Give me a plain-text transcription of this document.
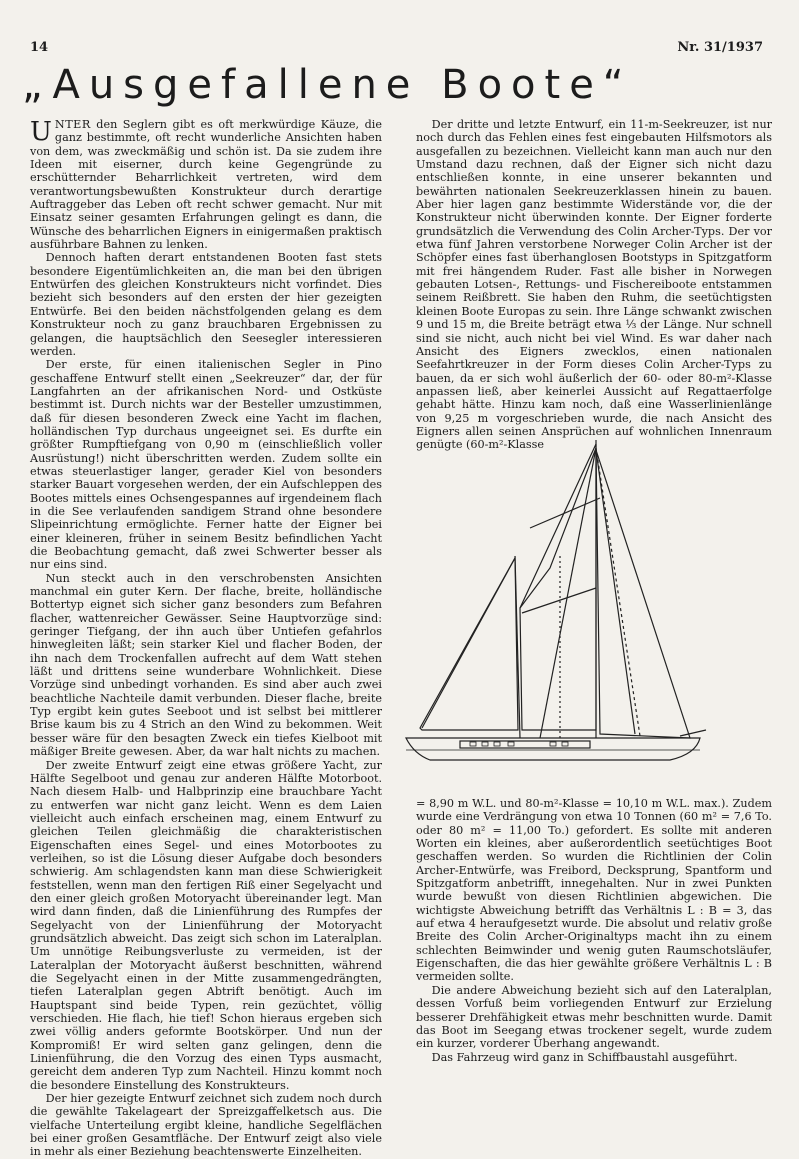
14	Nr. 31/1937
„Ausgefallene Boote“

UNTER den Seglern gibt es oft merkwürdige Käuze, die ganz bestimmte, oft recht wunderliche Ansichten haben von dem, was zweckmäßig und schön ist. Da sie zudem ihre Ideen mit eiserner, durch keine Gegengründe zu erschütternder Beharrlichkeit vertreten, wird dem verantwortungsbewußten Konstrukteur durch derartige Auftraggeber das Leben oft recht schwer gemacht. Nur mit Einsatz seiner gesamten Erfahrungen gelingt es dann, die Wünsche des beharrlichen Eigners in einigermaßen praktisch ausführbare Bahnen zu lenken.

Dennoch haften derart entstandenen Booten fast stets besondere Eigentümlichkeiten an, die man bei den übrigen Entwürfen des gleichen Konstrukteurs nicht vorfindet. Dies bezieht sich besonders auf den ersten der hier gezeigten Entwürfe. Bei den beiden nächstfolgenden gelang es dem Konstrukteur noch zu ganz brauchbaren Ergebnissen zu gelangen, die hauptsächlich den Seesegler interessieren werden.

Der erste, für einen italienischen Segler in Pino geschaffene Entwurf stellt einen „Seekreuzer“ dar, der für Langfahrten an der afrikanischen Nord- und Ostküste bestimmt ist. Durch nichts war der Besteller umzustimmen, daß für diesen besonderen Zweck eine Yacht im flachen, holländischen Typ durchaus ungeeignet sei. Es durfte ein größter Rumpftiefgang von 0,90 m (einschließlich voller Ausrüstung!) nicht überschritten werden. Zudem sollte ein etwas steuerlastiger langer, gerader Kiel von besonders starker Bauart vorgesehen werden, der ein Aufschleppen des Bootes mittels eines Ochsengespannes auf irgendeinem flach in die See verlaufenden sandigem Strand ohne besondere Slipeinrichtung ermöglichte. Ferner hatte der Eigner bei einer kleineren, früher in seinem Besitz befindlichen Yacht die Beobachtung gemacht, daß zwei Schwerter besser als nur eins sind.

Nun steckt auch in den verschrobensten Ansichten manchmal ein guter Kern. Der flache, breite, holländische Bottertyp eignet sich sicher ganz besonders zum Befahren flacher, wattenreicher Gewässer. Seine Hauptvorzüge sind: geringer Tiefgang, der ihn auch über Untiefen gefahrlos hinwegleiten läßt; sein starker Kiel und flacher Boden, der ihn nach dem Trockenfallen aufrecht auf dem Watt stehen läßt und drittens seine wunderbare Wohnlichkeit. Diese Vorzüge sind unbedingt vorhanden. Es sind aber auch zwei beachtliche Nachteile damit verbunden. Dieser flache, breite Typ ergibt kein gutes Seeboot und ist selbst bei mittlerer Brise kaum bis zu 4 Strich an den Wind zu bekommen. Weit besser wäre für den besagten Zweck ein tiefes Kielboot mit mäßiger Breite gewesen. Aber, da war halt nichts zu machen.

Der zweite Entwurf zeigt eine etwas größere Yacht, zur Hälfte Segelboot und genau zur anderen Hälfte Motorboot. Nach diesem Halb- und Halbprinzip eine brauchbare Yacht zu entwerfen war nicht ganz leicht. Wenn es dem Laien vielleicht auch einfach erscheinen mag, einem Entwurf zu gleichen Teilen gleichmäßig die charakteristischen Eigenschaften eines Segel- und eines Motorbootes zu verleihen, so ist die Lösung dieser Aufgabe doch besonders schwierig. Am schlagendsten kann man diese Schwierigkeit feststellen, wenn man den fertigen Riß einer Segelyacht und den einer gleich großen Motoryacht übereinander legt. Man wird dann finden, daß die Linienführung des Rumpfes der Segelyacht von der Linienführung der Motoryacht grundsätzlich abweicht. Das zeigt sich schon im Lateralplan. Um unnötige Reibungsverluste zu vermeiden, ist der Lateralplan der Motoryacht äußerst beschnitten, während die Segelyacht einen in der Mitte zusammengedrängten, tiefen Lateralplan gegen Abtrift benötigt. Auch im Hauptspant sind beide Typen, rein gezüchtet, völlig verschieden. Hie flach, hie tief! Schon hieraus ergeben sich zwei völlig anders geformte Bootskörper. Und nun der Kompromiß! Er wird selten ganz gelingen, denn die Linienführung, die den Vorzug des einen Typs ausmacht, gereicht dem anderen Typ zum Nachteil. Hinzu kommt noch die besondere Einstellung des Konstrukteurs.

Der hier gezeigte Entwurf zeichnet sich zudem noch durch die gewählte Takelageart der Spreizgaffelketsch aus. Die vielfache Unterteilung ergibt kleine, handliche Segelflächen bei einer großen Gesamtfläche. Der Entwurf zeigt also viele in mehr als einer Beziehung beachtenswerte Einzelheiten.

Der dritte und letzte Entwurf, ein 11-m-Seekreuzer, ist nur noch durch das Fehlen eines fest eingebauten Hilfsmotors als ausgefallen zu bezeichnen. Vielleicht kann man auch nur den Umstand dazu rechnen, daß der Eigner sich nicht dazu entschließen konnte, in eine unserer bekannten und bewährten nationalen Seekreuzerklassen hinein zu bauen. Aber hier lagen ganz bestimmte Widerstände vor, die der Konstrukteur nicht überwinden konnte. Der Eigner forderte grundsätzlich die Verwendung des Colin Archer-Typs. Der vor etwa fünf Jahren verstorbene Norweger Colin Archer ist der Schöpfer eines fast überhanglosen Bootstyps in Spitzgatform mit frei hängendem Ruder. Fast alle bisher in Norwegen gebauten Lotsen-, Rettungs- und Fischereiboote entstammen seinem Reißbrett. Sie haben den Ruhm, die seetüchtigsten kleinen Boote Europas zu sein. Ihre Länge schwankt zwischen 9 und 15 m, die Breite beträgt etwa ⅓ der Länge. Nur schnell sind sie nicht, auch nicht bei viel Wind. Es war daher nach Ansicht des Eigners zwecklos, einen nationalen Seefahrtkreuzer in der Form dieses Colin Archer-Typs zu bauen, da er sich wohl äußerlich der 60- oder 80-m²-Klasse anpassen ließ, aber keinerlei Aussicht auf Regattaerfolge gehabt hätte. Hinzu kam noch, daß eine Wasserlinienlänge von 9,25 m vorgeschrieben wurde, die nach Ansicht des Eigners allen seinen Ansprüchen auf wohnlichen Innenraum genügte (60-m²-Klasse

= 8,90 m W.L. und 80-m²-Klasse = 10,10 m W.L. max.). Zudem wurde eine Verdrängung von etwa 10 Tonnen (60 m² = 7,6 To. oder 80 m² = 11,00 To.) gefordert. Es sollte mit anderen Worten ein kleines, aber außerordentlich seetüchtiges Boot geschaffen werden. So wurden die Richtlinien der Colin Archer-Entwürfe, was Freibord, Decksprung, Spantform und Spitzgatform anbetrifft, innegehalten. Nur in zwei Punkten wurde bewußt von diesen Richtlinien abgewichen. Die wichtigste Abweichung betrifft das Verhältnis L : B = 3, das auf etwa 4 heraufgesetzt wurde. Die absolut und relativ große Breite des Colin Archer-Originaltyps macht ihn zu einem schlechten Beimwinder und wenig guten Raumschotsläufer, Eigenschaften, die das hier gewählte größere Verhältnis L : B vermeiden sollte.

Die andere Abweichung bezieht sich auf den Lateralplan, dessen Vorfuß beim vorliegenden Entwurf zur Erzielung besserer Drehfähigkeit etwas mehr beschnitten wurde. Damit das Boot im Seegang etwas trockener segelt, wurde zudem ein kurzer, vorderer Überhang angewandt.

Das Fahrzeug wird ganz in Schiffbaustahl ausgeführt.
